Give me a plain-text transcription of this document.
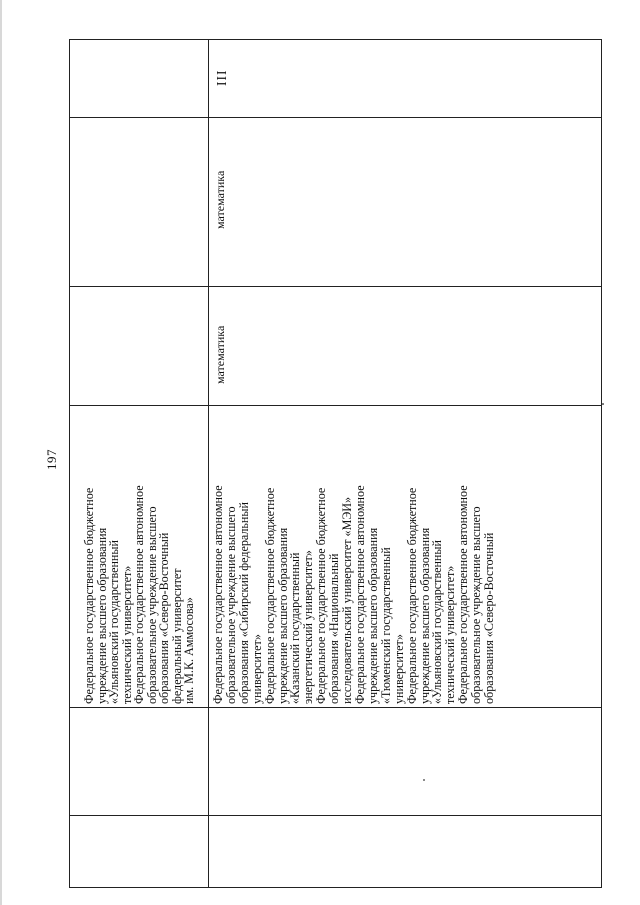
197
Федеральное государственное бюджетное
учреждение высшего образования
«Ульяновский государственный
технический университет»
Федеральное государственное автономное
образовательное учреждение высшего
образования «Северо-Восточный
федеральный университет
им. М.К. Аммосова» Федеральное государственное автономное
образовательное учреждение высшего
образования «Сибирский федеральный
университет»
Федеральное государственное бюджетное
учреждение высшего образования
«Казанский государственный
энергетический университет»
Федеральное государственное бюджетное
образования «Национальный
исследовательский университет «МЭИ»
Федеральное государственное автономное
учреждение высшего образования
«Тюменский государственный
университет»
Федеральное государственное бюджетное
учреждение высшего образования
«Ульяновский государственный
технический университет»
Федеральное государственное автономное
образовательное учреждение высшего
образования «Северо-Восточный
математика
математика
III
